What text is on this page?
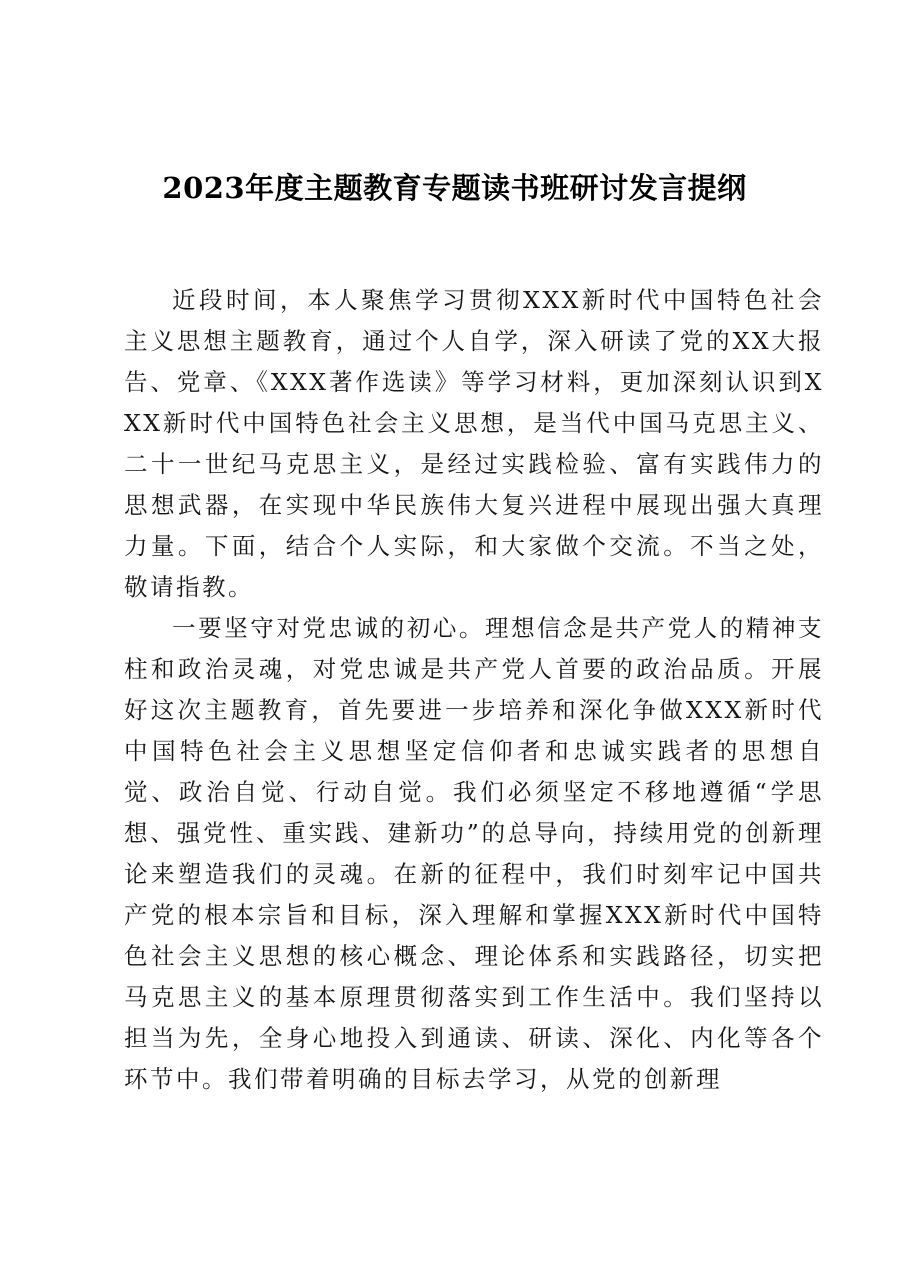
2023年度主题教育专题读书班研讨发言提纲

近段时间，本人聚焦学习贯彻XXX新时代中国特色社会主义思想主题教育，通过个人自学，深入研读了党的XX大报告、党章、《XXX著作选读》等学习材料，更加深刻认识到XXX新时代中国特色社会主义思想，是当代中国马克思主义、二十一世纪马克思主义，是经过实践检验、富有实践伟力的思想武器，在实现中华民族伟大复兴进程中展现出强大真理力量。下面，结合个人实际，和大家做个交流。不当之处，敬请指教。

一要坚守对党忠诚的初心。理想信念是共产党人的精神支柱和政治灵魂，对党忠诚是共产党人首要的政治品质。开展好这次主题教育，首先要进一步培养和深化争做XXX新时代中国特色社会主义思想坚定信仰者和忠诚实践者的思想自觉、政治自觉、行动自觉。我们必须坚定不移地遵循“学思想、强党性、重实践、建新功”的总导向，持续用党的创新理论来塑造我们的灵魂。在新的征程中，我们时刻牢记中国共产党的根本宗旨和目标，深入理解和掌握XXX新时代中国特色社会主义思想的核心概念、理论体系和实践路径，切实把马克思主义的基本原理贯彻落实到工作生活中。我们坚持以担当为先，全身心地投入到通读、研读、深化、内化等各个环节中。我们带着明确的目标去学习，从党的创新理
